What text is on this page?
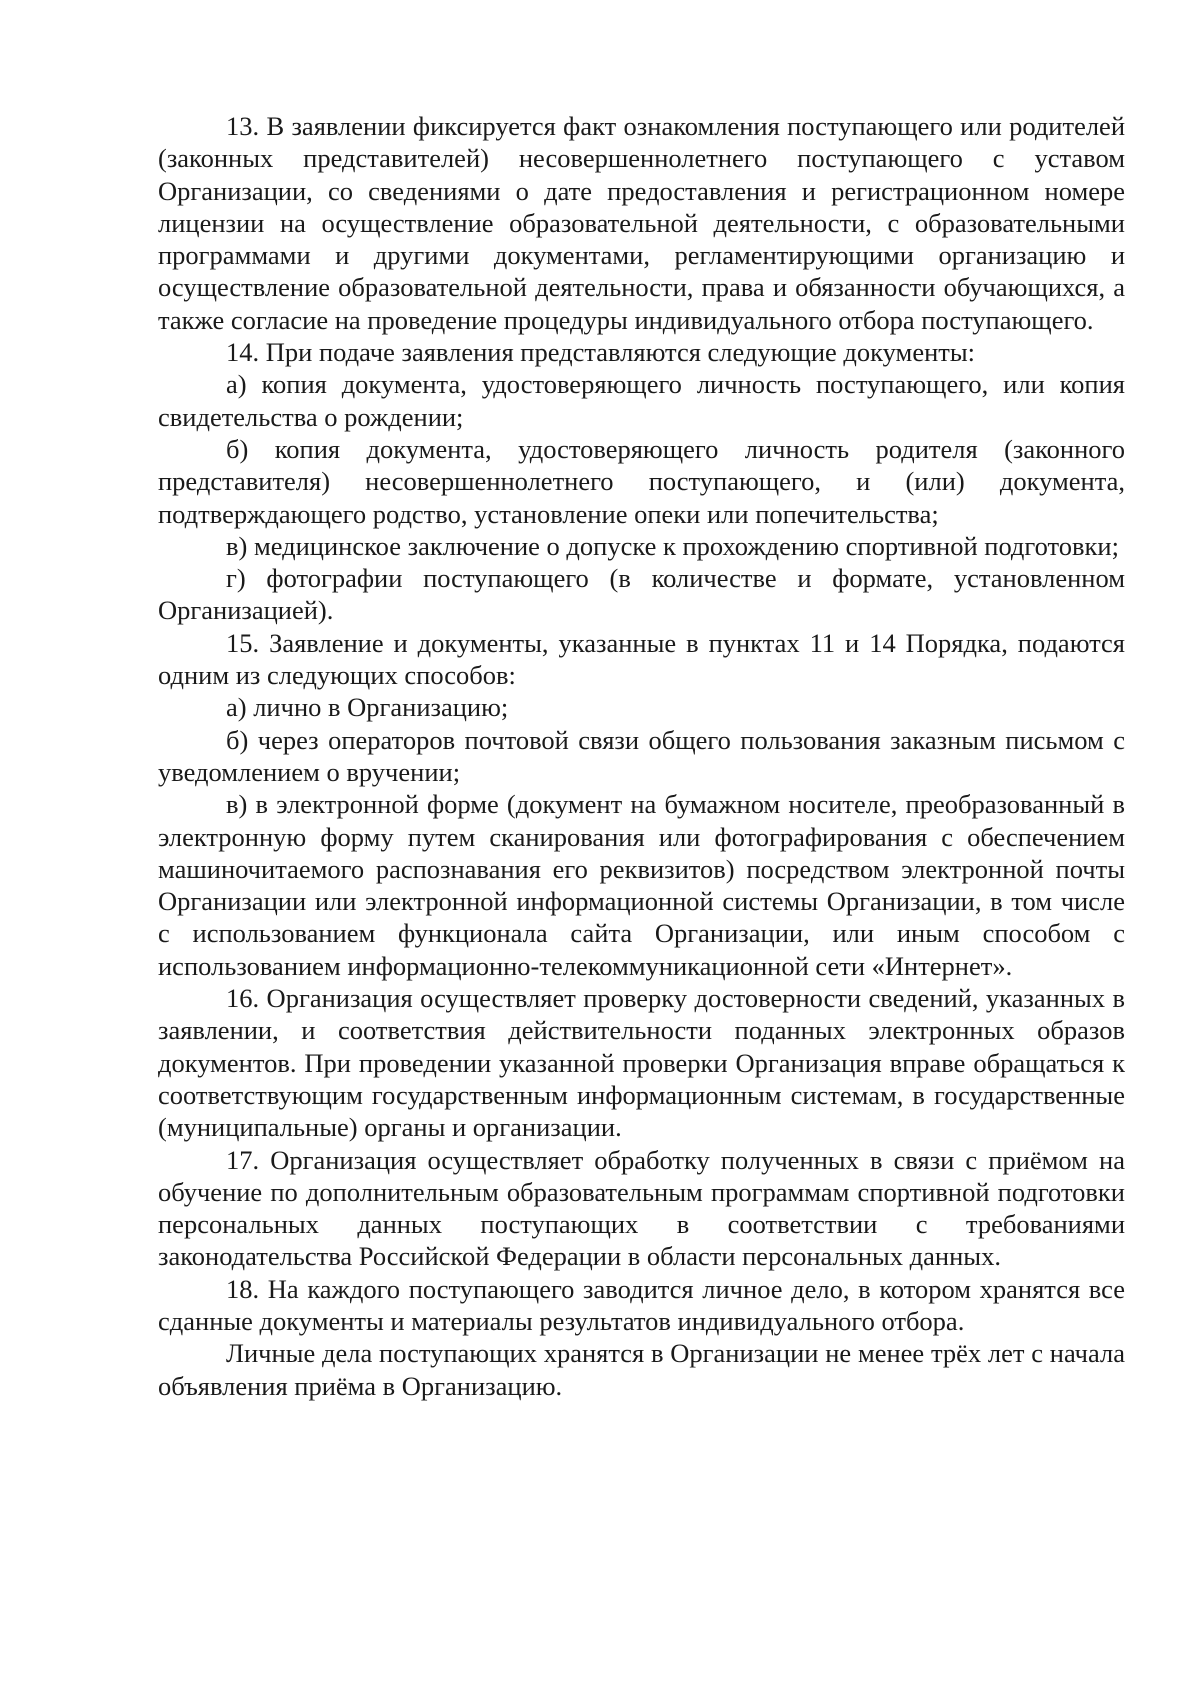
13. В заявлении фиксируется факт ознакомления поступающего или родителей (законных представителей) несовершеннолетнего поступающего с уставом Организации, со сведениями о дате предоставления и регистрационном номере лицензии на осуществление образовательной деятельности, с образовательными программами и другими документами, регламентирующими организацию и осуществление образовательной деятельности, права и обязанности обучающихся, а также согласие на проведение процедуры индивидуального отбора поступающего.

14. При подаче заявления представляются следующие документы:

а) копия документа, удостоверяющего личность поступающего, или копия свидетельства о рождении;

б) копия документа, удостоверяющего личность родителя (законного представителя) несовершеннолетнего поступающего, и (или) документа, подтверждающего родство, установление опеки или попечительства;

в) медицинское заключение о допуске к прохождению спортивной подготовки;

г) фотографии поступающего (в количестве и формате, установленном Организацией).

15. Заявление и документы, указанные в пунктах 11 и 14 Порядка, подаются одним из следующих способов:

а) лично в Организацию;

б) через операторов почтовой связи общего пользования заказным письмом с уведомлением о вручении;

в) в электронной форме (документ на бумажном носителе, преобразованный в электронную форму путем сканирования или фотографирования с обеспечением машиночитаемого распознавания его реквизитов) посредством электронной почты Организации или электронной информационной системы Организации, в том числе с использованием функционала сайта Организации, или иным способом с использованием информационно-телекоммуникационной сети «Интернет».

16. Организация осуществляет проверку достоверности сведений, указанных в заявлении, и соответствия действительности поданных электронных образов документов. При проведении указанной проверки Организация вправе обращаться к соответствующим государственным информационным системам, в государственные (муниципальные) органы и организации.

17. Организация осуществляет обработку полученных в связи с приёмом на обучение по дополнительным образовательным программам спортивной подготовки персональных данных поступающих в соответствии с требованиями законодательства Российской Федерации в области персональных данных.

18. На каждого поступающего заводится личное дело, в котором хранятся все сданные документы и материалы результатов индивидуального отбора.

Личные дела поступающих хранятся в Организации не менее трёх лет с начала объявления приёма в Организацию.
